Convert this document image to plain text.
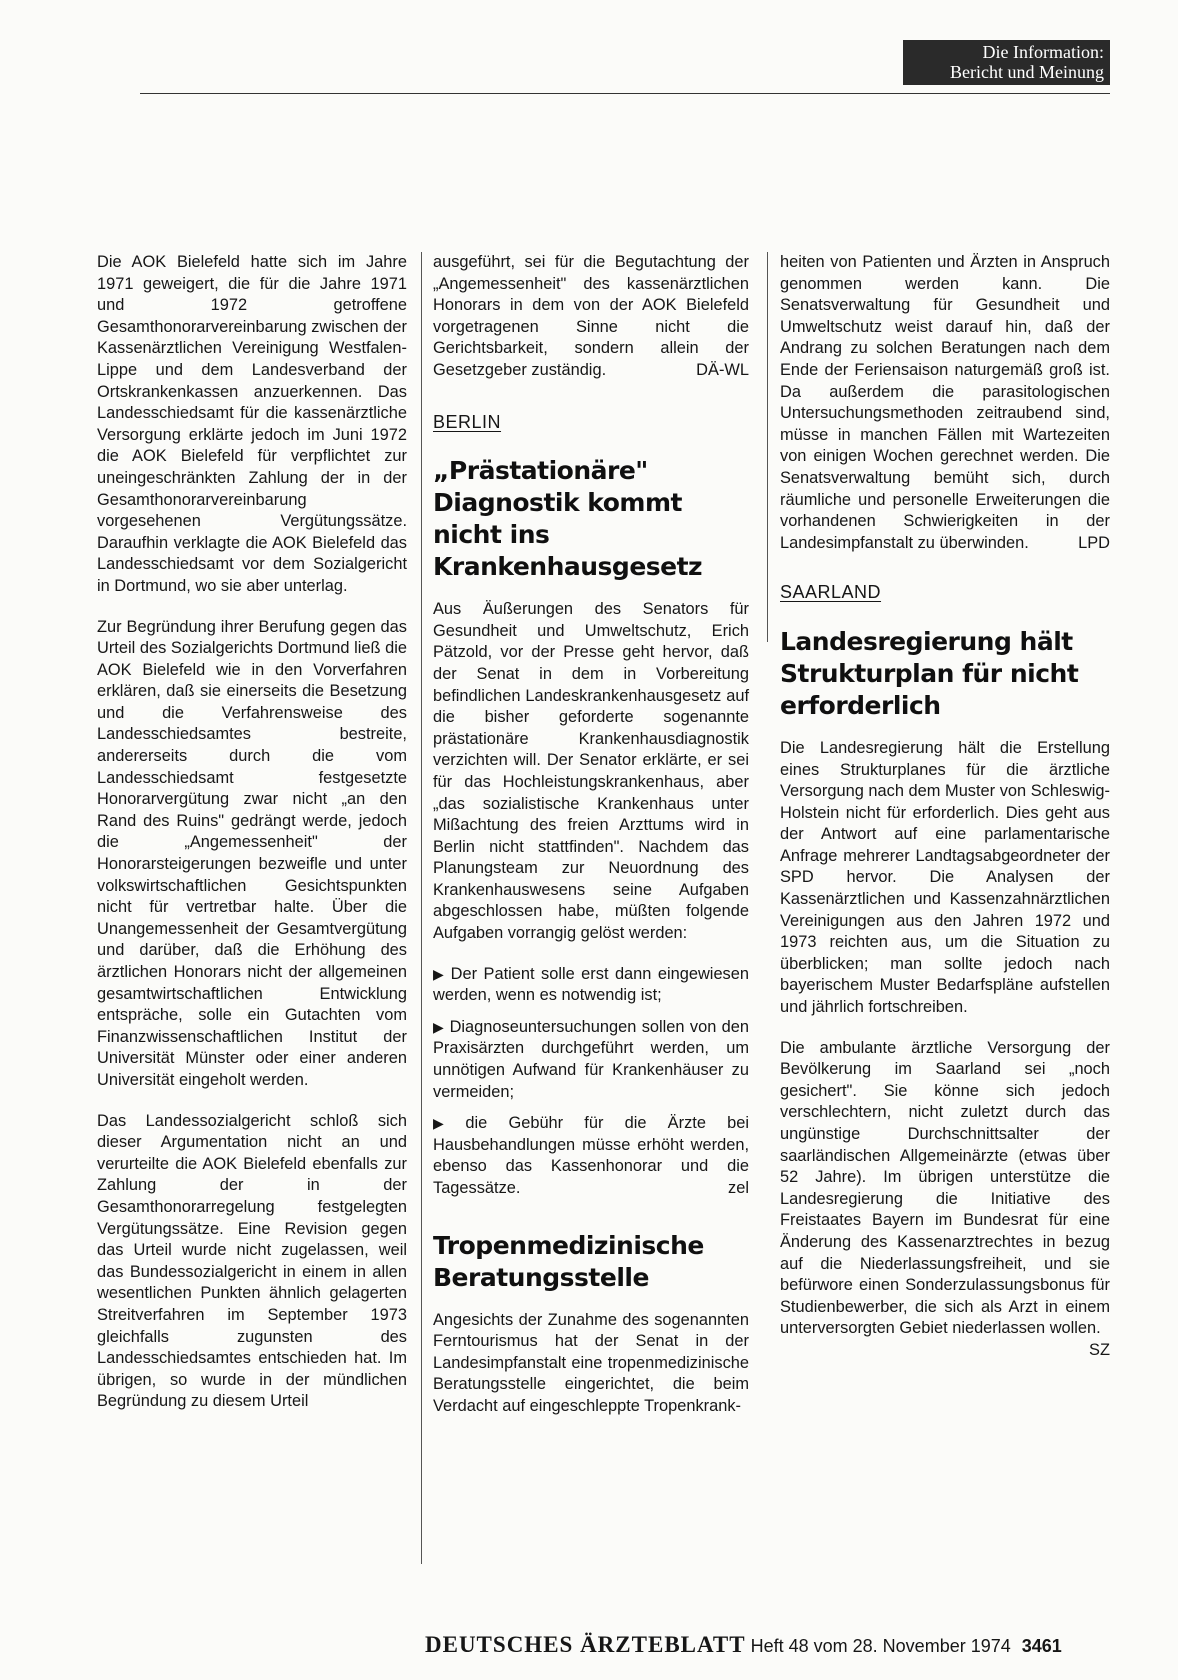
Die Information:
Bericht und Meinung

Die AOK Bielefeld hatte sich im Jahre 1971 geweigert, die für die Jahre 1971 und 1972 getroffene Gesamthonorarvereinbarung zwischen der Kassenärztlichen Vereinigung Westfalen-Lippe und dem Landesverband der Ortskrankenkassen anzuerkennen. Das Landesschiedsamt für die kassenärztliche Versorgung erklärte jedoch im Juni 1972 die AOK Bielefeld für verpflichtet zur uneingeschränkten Zahlung der in der Gesamthonorarvereinbarung vorgesehenen Vergütungssätze. Daraufhin verklagte die AOK Bielefeld das Landesschiedsamt vor dem Sozialgericht in Dortmund, wo sie aber unterlag.

Zur Begründung ihrer Berufung gegen das Urteil des Sozialgerichts Dortmund ließ die AOK Bielefeld wie in den Vorverfahren erklären, daß sie einerseits die Besetzung und die Verfahrensweise des Landesschiedsamtes bestreite, andererseits durch die vom Landesschiedsamt festgesetzte Honorarvergütung zwar nicht „an den Rand des Ruins" gedrängt werde, jedoch die „Angemessenheit" der Honorarsteigerungen bezweifle und unter volkswirtschaftlichen Gesichtspunkten nicht für vertretbar halte. Über die Unangemessenheit der Gesamtvergütung und darüber, daß die Erhöhung des ärztlichen Honorars nicht der allgemeinen gesamtwirtschaftlichen Entwicklung entspräche, solle ein Gutachten vom Finanzwissenschaftlichen Institut der Universität Münster oder einer anderen Universität eingeholt werden.

Das Landessozialgericht schloß sich dieser Argumentation nicht an und verurteilte die AOK Bielefeld ebenfalls zur Zahlung der in der Gesamthonorarregelung festgelegten Vergütungssätze. Eine Revision gegen das Urteil wurde nicht zugelassen, weil das Bundessozialgericht in einem in allen wesentlichen Punkten ähnlich gelagerten Streitverfahren im September 1973 gleichfalls zugunsten des Landesschiedsamtes entschieden hat. Im übrigen, so wurde in der mündlichen Begründung zu diesem Urteil

ausgeführt, sei für die Begutachtung der „Angemessenheit" des kassenärztlichen Honorars in dem von der AOK Bielefeld vorgetragenen Sinne nicht die Gerichtsbarkeit, sondern allein der Gesetzgeber zuständig.	DÄ-WL

BERLIN
„Prästationäre" Diagnostik kommt nicht ins Krankenhausgesetz

Aus Äußerungen des Senators für Gesundheit und Umweltschutz, Erich Pätzold, vor der Presse geht hervor, daß der Senat in dem in Vorbereitung befindlichen Landeskrankenhausgesetz auf die bisher geforderte sogenannte prästationäre Krankenhausdiagnostik verzichten will. Der Senator erklärte, er sei für das Hochleistungskrankenhaus, aber „das sozialistische Krankenhaus unter Mißachtung des freien Arzttums wird in Berlin nicht stattfinden". Nachdem das Planungsteam zur Neuordnung des Krankenhauswesens seine Aufgaben abgeschlossen habe, müßten folgende Aufgaben vorrangig gelöst werden:

▶ Der Patient solle erst dann eingewiesen werden, wenn es notwendig ist;

▶ Diagnoseuntersuchungen sollen von den Praxisärzten durchgeführt werden, um unnötigen Aufwand für Krankenhäuser zu vermeiden;

▶ die Gebühr für die Ärzte bei Hausbehandlungen müsse erhöht werden, ebenso das Kassenhonorar und die Tagessätze.	zel

Tropenmedizinische Beratungsstelle

Angesichts der Zunahme des sogenannten Ferntourismus hat der Senat in der Landesimpfanstalt eine tropenmedizinische Beratungsstelle eingerichtet, die beim Verdacht auf eingeschleppte Tropenkrank-

heiten von Patienten und Ärzten in Anspruch genommen werden kann. Die Senatsverwaltung für Gesundheit und Umweltschutz weist darauf hin, daß der Andrang zu solchen Beratungen nach dem Ende der Feriensaison naturgemäß groß ist. Da außerdem die parasitologischen Untersuchungsmethoden zeitraubend sind, müsse in manchen Fällen mit Wartezeiten von einigen Wochen gerechnet werden. Die Senatsverwaltung bemüht sich, durch räumliche und personelle Erweiterungen die vorhandenen Schwierigkeiten in der Landesimpfanstalt zu überwinden.	LPD

SAARLAND
Landesregierung hält Strukturplan für nicht erforderlich

Die Landesregierung hält die Erstellung eines Strukturplanes für die ärztliche Versorgung nach dem Muster von Schleswig-Holstein nicht für erforderlich. Dies geht aus der Antwort auf eine parlamentarische Anfrage mehrerer Landtagsabgeordneter der SPD hervor. Die Analysen der Kassenärztlichen und Kassenzahnärztlichen Vereinigungen aus den Jahren 1972 und 1973 reichten aus, um die Situation zu überblicken; man sollte jedoch nach bayerischem Muster Bedarfspläne aufstellen und jährlich fortschreiben.

Die ambulante ärztliche Versorgung der Bevölkerung im Saarland sei „noch gesichert". Sie könne sich jedoch verschlechtern, nicht zuletzt durch das ungünstige Durchschnittsalter der saarländischen Allgemeinärzte (etwas über 52 Jahre). Im übrigen unterstütze die Landesregierung die Initiative des Freistaates Bayern im Bundesrat für eine Änderung des Kassenarztrechtes in bezug auf die Niederlassungsfreiheit, und sie befürwore einen Sonderzulassungsbonus für Studienbewerber, die sich als Arzt in einem unterversorgten Gebiet niederlassen wollen.
SZ

DEUTSCHES ÄRZTEBLATT Heft 48 vom 28. November 1974 3461
